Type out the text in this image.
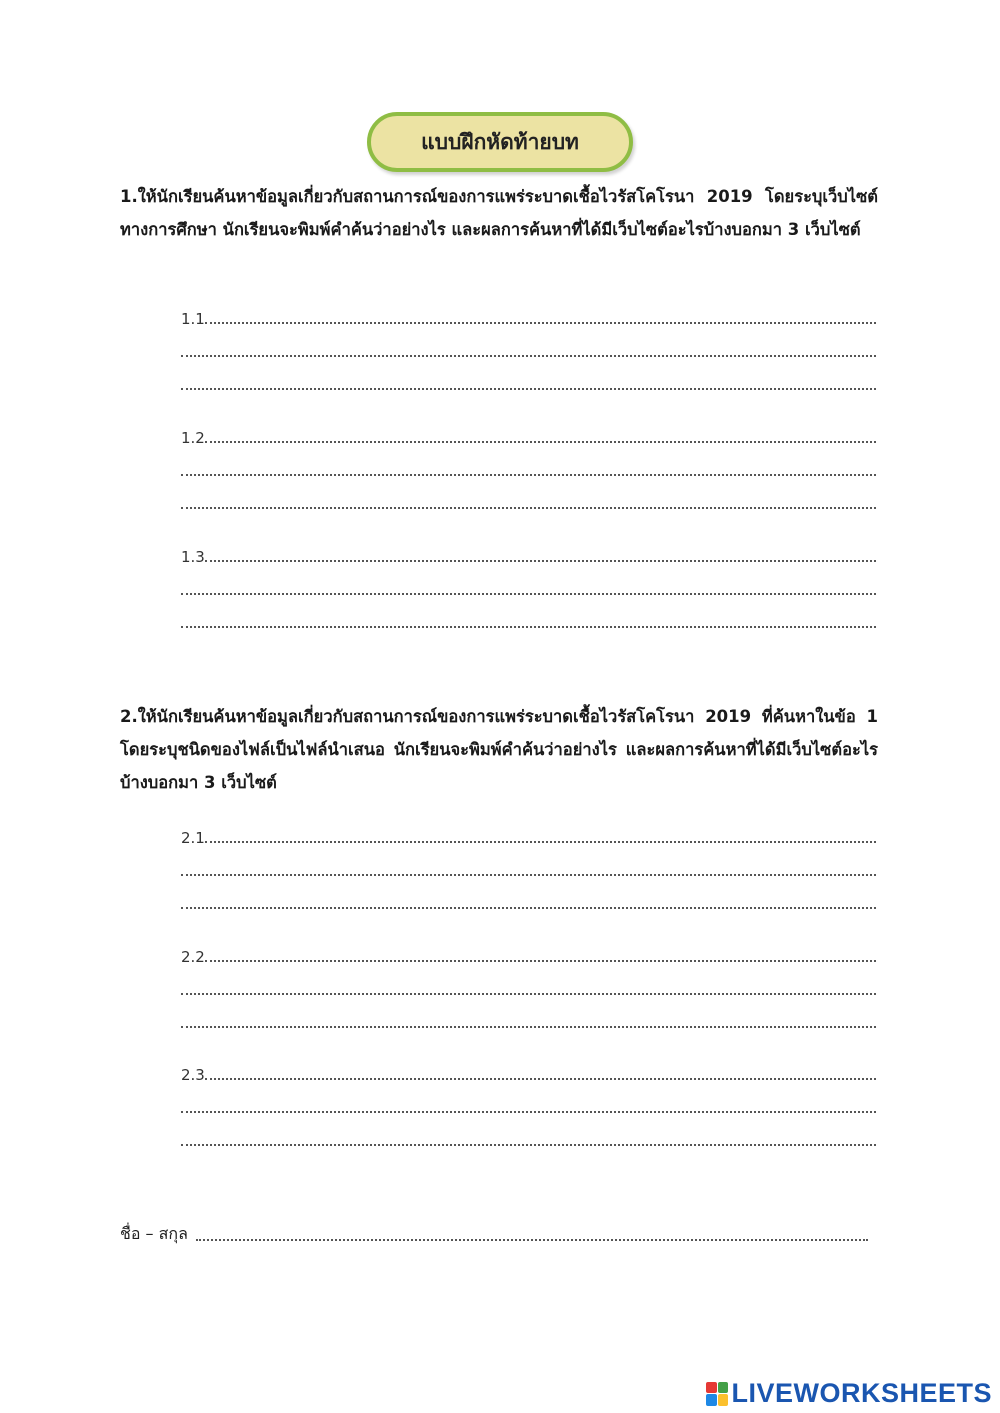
แบบฝึกหัดท้ายบท

1.ให้นักเรียนค้นหาข้อมูลเกี่ยวกับสถานการณ์ของการแพร่ระบาดเชื้อไวรัสโคโรนา 2019 โดยระบุเว็บไซต์ทางการศึกษา นักเรียนจะพิมพ์คำค้นว่าอย่างไร และผลการค้นหาที่ได้มีเว็บไซต์อะไรบ้างบอกมา 3 เว็บไซต์

1.1
1.2
1.3

2.ให้นักเรียนค้นหาข้อมูลเกี่ยวกับสถานการณ์ของการแพร่ระบาดเชื้อไวรัสโคโรนา 2019 ที่ค้นหาในข้อ 1 โดยระบุชนิดของไฟล์เป็นไฟล์นำเสนอ นักเรียนจะพิมพ์คำค้นว่าอย่างไร และผลการค้นหาที่ได้มีเว็บไซต์อะไรบ้างบอกมา 3 เว็บไซต์

2.1
2.2
2.3
ชื่อ – สกุล
LIVEWORKSHEETS
